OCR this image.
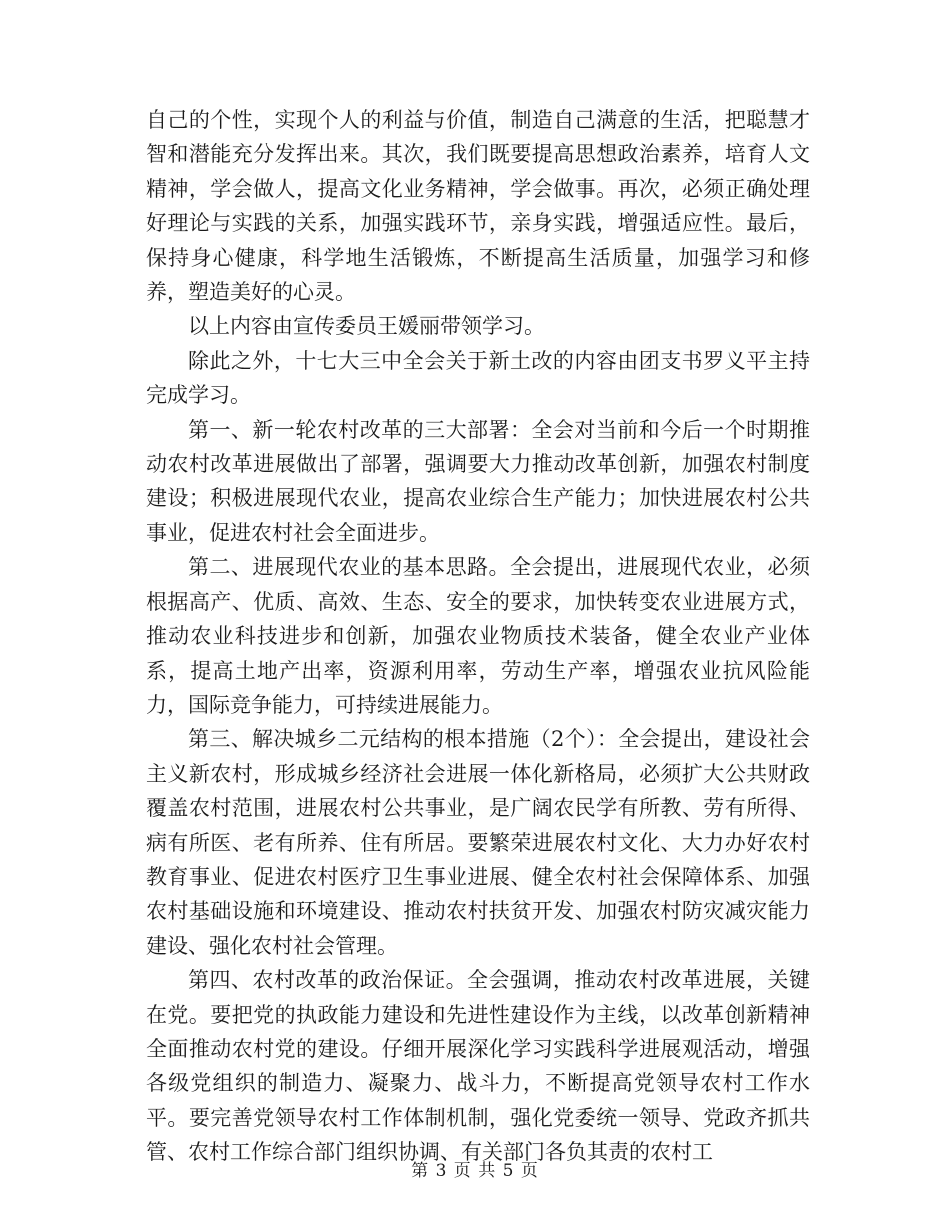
自己的个性，实现个人的利益与价值，制造自己满意的生活，把聪慧才智和潜能充分发挥出来。其次，我们既要提高思想政治素养，培育人文精神，学会做人，提高文化业务精神，学会做事。再次，必须正确处理好理论与实践的关系，加强实践环节，亲身实践，增强适应性。最后，保持身心健康，科学地生活锻炼，不断提高生活质量，加强学习和修养，塑造美好的心灵。

以上内容由宣传委员王媛丽带领学习。

除此之外，十七大三中全会关于新土改的内容由团支书罗义平主持完成学习。

第一、新一轮农村改革的三大部署：全会对当前和今后一个时期推动农村改革进展做出了部署，强调要大力推动改革创新，加强农村制度建设；积极进展现代农业，提高农业综合生产能力；加快进展农村公共事业，促进农村社会全面进步。

第二、进展现代农业的基本思路。全会提出，进展现代农业，必须根据高产、优质、高效、生态、安全的要求，加快转变农业进展方式，推动农业科技进步和创新，加强农业物质技术装备，健全农业产业体系，提高土地产出率，资源利用率，劳动生产率，增强农业抗风险能力，国际竞争能力，可持续进展能力。

第三、解决城乡二元结构的根本措施（2个）：全会提出，建设社会主义新农村，形成城乡经济社会进展一体化新格局，必须扩大公共财政覆盖农村范围，进展农村公共事业，是广阔农民学有所教、劳有所得、病有所医、老有所养、住有所居。要繁荣进展农村文化、大力办好农村教育事业、促进农村医疗卫生事业进展、健全农村社会保障体系、加强农村基础设施和环境建设、推动农村扶贫开发、加强农村防灾减灾能力建设、强化农村社会管理。

第四、农村改革的政治保证。全会强调，推动农村改革进展，关键在党。要把党的执政能力建设和先进性建设作为主线，以改革创新精神全面推动农村党的建设。仔细开展深化学习实践科学进展观活动，增强各级党组织的制造力、凝聚力、战斗力，不断提高党领导农村工作水平。要完善党领导农村工作体制机制，强化党委统一领导、党政齐抓共管、农村工作综合部门组织协调、有关部门各负其责的农村工

第 3 页 共 5 页
